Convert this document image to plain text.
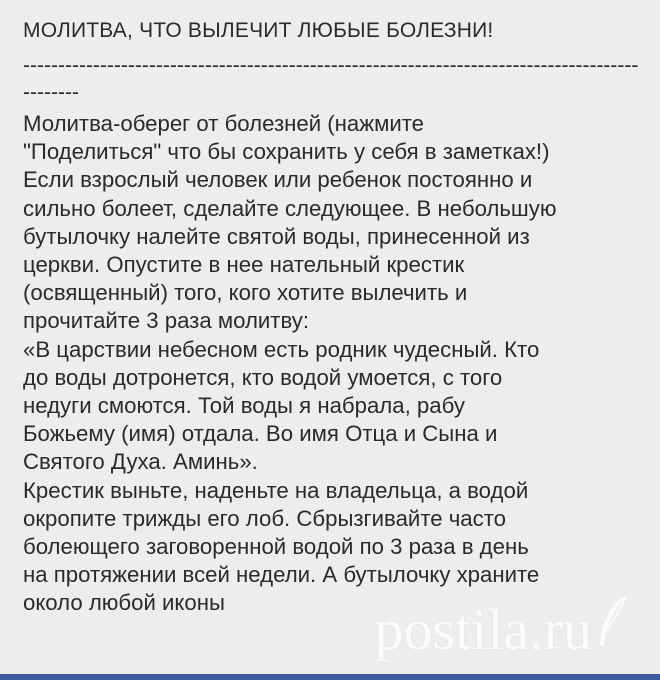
МОЛИТВА, ЧТО ВЫЛЕЧИТ ЛЮБЫЕ БОЛЕЗНИ!
------------------------------------------------------------------------------------------------
Молитва-оберег от болезней (нажмите
"Поделиться" что бы сохранить у себя в заметках!)
Если взрослый человек или ребенок постоянно и
сильно болеет, сделайте следующее. В небольшую
бутылочку налейте святой воды, принесенной из
церкви. Опустите в нее нательный крестик
(освященный) того, кого хотите вылечить и
прочитайте 3 раза молитву:
«В царствии небесном есть родник чудесный. Кто
до воды дотронется, кто водой умоется, с того
недуги смоются. Той воды я набрала, рабу
Божьему (имя) отдала. Во имя Отца и Сына и
Святого Духа. Аминь».
Крестик выньте, наденьте на владельца, а водой
окропите трижды его лоб. Сбрызгивайте часто
болеющего заговоренной водой по 3 раза в день
на протяжении всей недели. А бутылочку храните
около любой иконы	postila.ru
